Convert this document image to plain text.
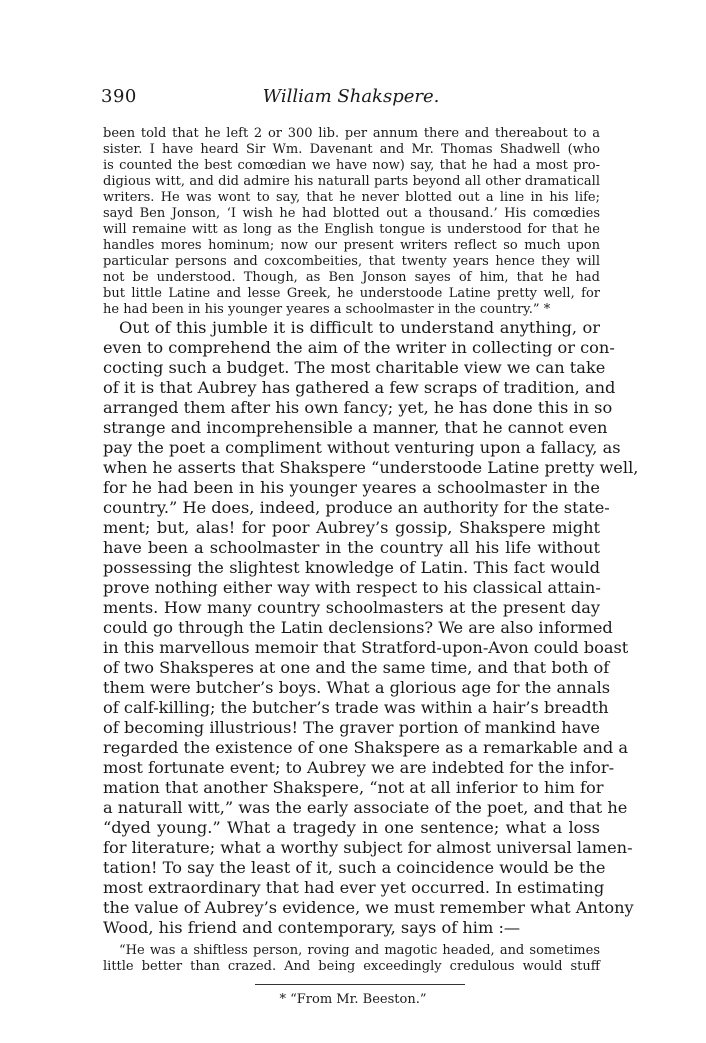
390	William Shakspere.
been told that he left 2 or 300 lib. per annum there and thereabout to a
sister. I have heard Sir Wm. Davenant and Mr. Thomas Shadwell (who
is counted the best comœdian we have now) say, that he had a most pro-
digious witt, and did admire his naturall parts beyond all other dramaticall
writers. He was wont to say, that he never blotted out a line in his life;
sayd Ben Jonson, ‘I wish he had blotted out a thousand.’ His comœdies
will remaine witt as long as the English tongue is understood for that he
handles mores hominum; now our present writers reflect so much upon
particular persons and coxcombeities, that twenty years hence they will
not be understood. Though, as Ben Jonson sayes of him, that he had
but little Latine and lesse Greek, he understoode Latine pretty well, for
he had been in his younger yeares a schoolmaster in the country.” *
Out of this jumble it is difficult to understand anything, or
even to comprehend the aim of the writer in collecting or con-
cocting such a budget. The most charitable view we can take
of it is that Aubrey has gathered a few scraps of tradition, and
arranged them after his own fancy; yet, he has done this in so
strange and incomprehensible a manner, that he cannot even
pay the poet a compliment without venturing upon a fallacy, as
when he asserts that Shakspere “understoode Latine pretty well,
for he had been in his younger yeares a schoolmaster in the
country.” He does, indeed, produce an authority for the state-
ment; but, alas! for poor Aubrey’s gossip, Shakspere might
have been a schoolmaster in the country all his life without
possessing the slightest knowledge of Latin. This fact would
prove nothing either way with respect to his classical attain-
ments. How many country schoolmasters at the present day
could go through the Latin declensions? We are also informed
in this marvellous memoir that Stratford-upon-Avon could boast
of two Shaksperes at one and the same time, and that both of
them were butcher’s boys. What a glorious age for the annals
of calf-killing; the butcher’s trade was within a hair’s breadth
of becoming illustrious! The graver portion of mankind have
regarded the existence of one Shakspere as a remarkable and a
most fortunate event; to Aubrey we are indebted for the infor-
mation that another Shakspere, “not at all inferior to him for
a naturall witt,” was the early associate of the poet, and that he
“dyed young.” What a tragedy in one sentence; what a loss
for literature; what a worthy subject for almost universal lamen-
tation! To say the least of it, such a coincidence would be the
most extraordinary that had ever yet occurred. In estimating
the value of Aubrey’s evidence, we must remember what Antony
Wood, his friend and contemporary, says of him :—
“He was a shiftless person, roving and magotic headed, and sometimes
little better than crazed. And being exceedingly credulous would stuff
* “From Mr. Beeston.”
